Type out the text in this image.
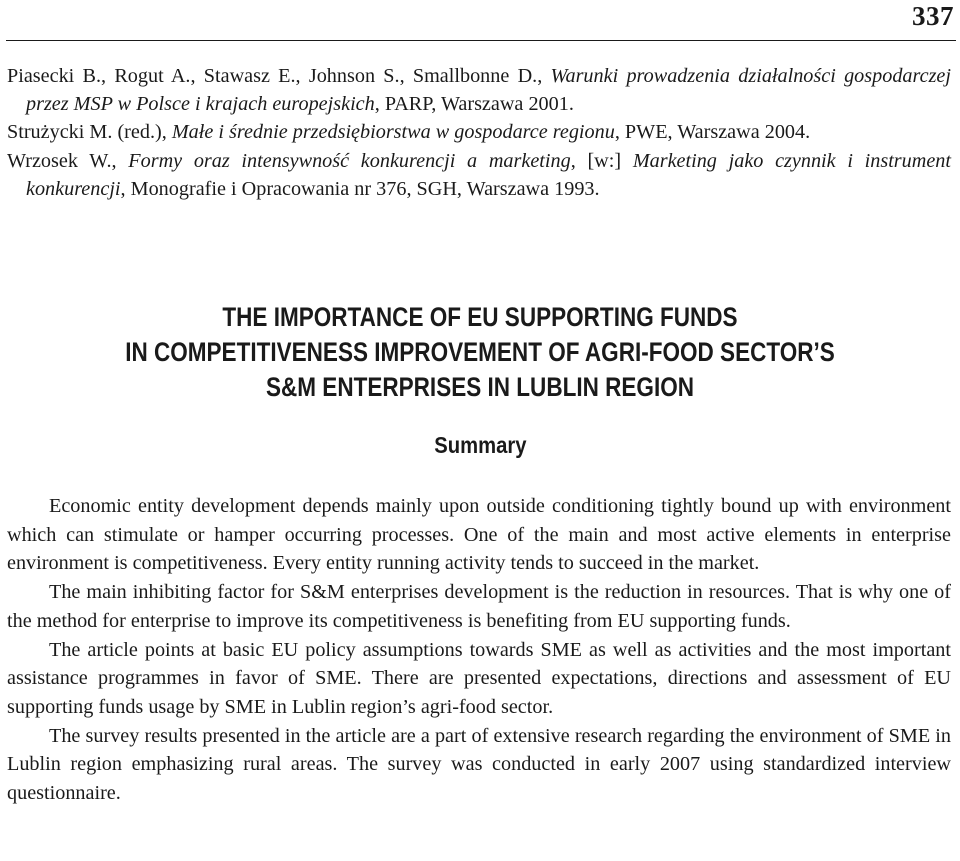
337

Piasecki B., Rogut A., Stawasz E., Johnson S., Smallbonne D., Warunki prowadzenia działalności gospodarczej przez MSP w Polsce i krajach europejskich, PARP, Warszawa 2001.

Strużycki M. (red.), Małe i średnie przedsiębiorstwa w gospodarce regionu, PWE, Warszawa 2004.

Wrzosek W., Formy oraz intensywność konkurencji a marketing, [w:] Marketing jako czynnik i instrument konkurencji, Monografie i Opracowania nr 376, SGH, Warszawa 1993.

THE IMPORTANCE OF EU SUPPORTING FUNDS
IN COMPETITIVENESS IMPROVEMENT OF AGRI-FOOD SECTOR’S
S&M ENTERPRISES IN LUBLIN REGION
Summary

Economic entity development depends mainly upon outside conditioning tightly bound up with environment which can stimulate or hamper occurring processes. One of the main and most active elements in enterprise environment is competitiveness. Every entity running activity tends to succeed in the market.

The main inhibiting factor for S&M enterprises development is the reduction in resources. That is why one of the method for enterprise to improve its competitiveness is benefiting from EU supporting funds.

The article points at basic EU policy assumptions towards SME as well as activities and the most important assistance programmes in favor of SME. There are presented expectations, directions and assessment of EU supporting funds usage by SME in Lublin region’s agri-food sector.

The survey results presented in the article are a part of extensive research regarding the environment of SME in Lublin region emphasizing rural areas. The survey was conducted in early 2007 using standardized interview questionnaire.
